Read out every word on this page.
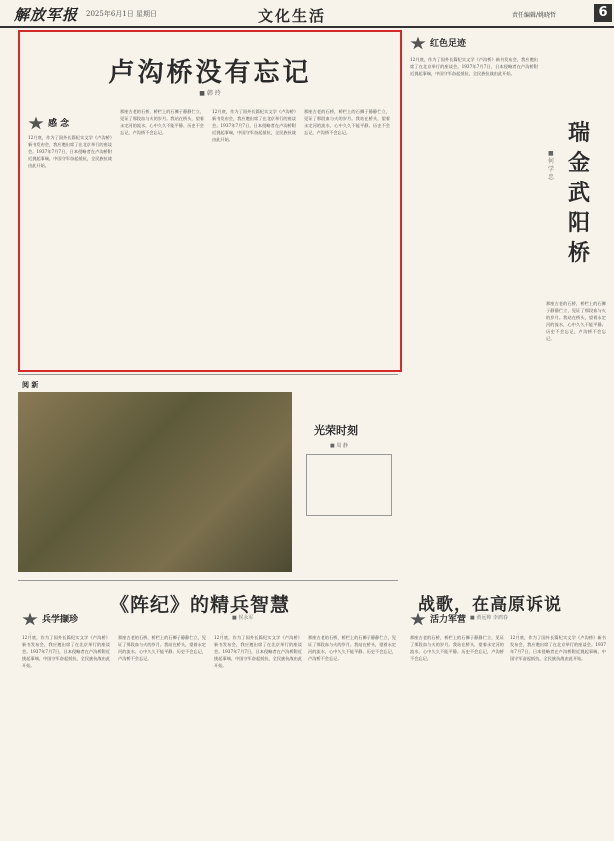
解放军报 2025年6月1日 星期日	文化生活	责任编辑/姚晓哲	6
卢沟桥没有忘记
■ 韩 玲
感 念
12月底，作为了国外长篇纪实文学《卢沟桥》新书发布会，我应邀出席了在北京举行的座谈会。1937年7月7日，日本侵略者在卢沟桥附近挑起事端，中国守军奋起抵抗，全民族抗战由此开始。
那座古老的石桥，桥栏上的石狮子静静伫立，见证了那段血与火的岁月。我站在桥头，望着永定河的流水，心中久久不能平静。历史不会忘记，卢沟桥不会忘记。
12月底，作为了国外长篇纪实文学《卢沟桥》新书发布会，我应邀出席了在北京举行的座谈会。1937年7月7日，日本侵略者在卢沟桥附近挑起事端，中国守军奋起抵抗，全民族抗战由此开始。
那座古老的石桥，桥栏上的石狮子静静伫立，见证了那段血与火的岁月。我站在桥头，望着永定河的流水，心中久久不能平静。历史不会忘记，卢沟桥不会忘记。
红色足迹
瑞金武阳桥
■ 何学忠
12月底，作为了国外长篇纪实文学《卢沟桥》新书发布会，我应邀出席了在北京举行的座谈会。1937年7月7日，日本侵略者在卢沟桥附近挑起事端，中国守军奋起抵抗，全民族抗战由此开始。
那座古老的石桥，桥栏上的石狮子静静伫立，见证了那段血与火的岁月。我站在桥头，望着永定河的流水，心中久久不能平静。历史不会忘记，卢沟桥不会忘记。
阅 新
光荣时刻
■ 周 静
《阵纪》的精兵智慧
■ 侯永军
兵学撷珍
12月底，作为了国外长篇纪实文学《卢沟桥》新书发布会，我应邀出席了在北京举行的座谈会。1937年7月7日，日本侵略者在卢沟桥附近挑起事端，中国守军奋起抵抗，全民族抗战由此开始。
那座古老的石桥，桥栏上的石狮子静静伫立，见证了那段血与火的岁月。我站在桥头，望着永定河的流水，心中久久不能平静。历史不会忘记，卢沟桥不会忘记。
12月底，作为了国外长篇纪实文学《卢沟桥》新书发布会，我应邀出席了在北京举行的座谈会。1937年7月7日，日本侵略者在卢沟桥附近挑起事端，中国守军奋起抵抗，全民族抗战由此开始。
那座古老的石桥，桥栏上的石狮子静静伫立，见证了那段血与火的岁月。我站在桥头，望着永定河的流水，心中久久不能平静。历史不会忘记，卢沟桥不会忘记。
战歌，在高原诉说
■ 黄远帅 李鸿春
活力军营
那座古老的石桥，桥栏上的石狮子静静伫立，见证了那段血与火的岁月。我站在桥头，望着永定河的流水，心中久久不能平静。历史不会忘记，卢沟桥不会忘记。
12月底，作为了国外长篇纪实文学《卢沟桥》新书发布会，我应邀出席了在北京举行的座谈会。1937年7月7日，日本侵略者在卢沟桥附近挑起事端，中国守军奋起抵抗，全民族抗战由此开始。
